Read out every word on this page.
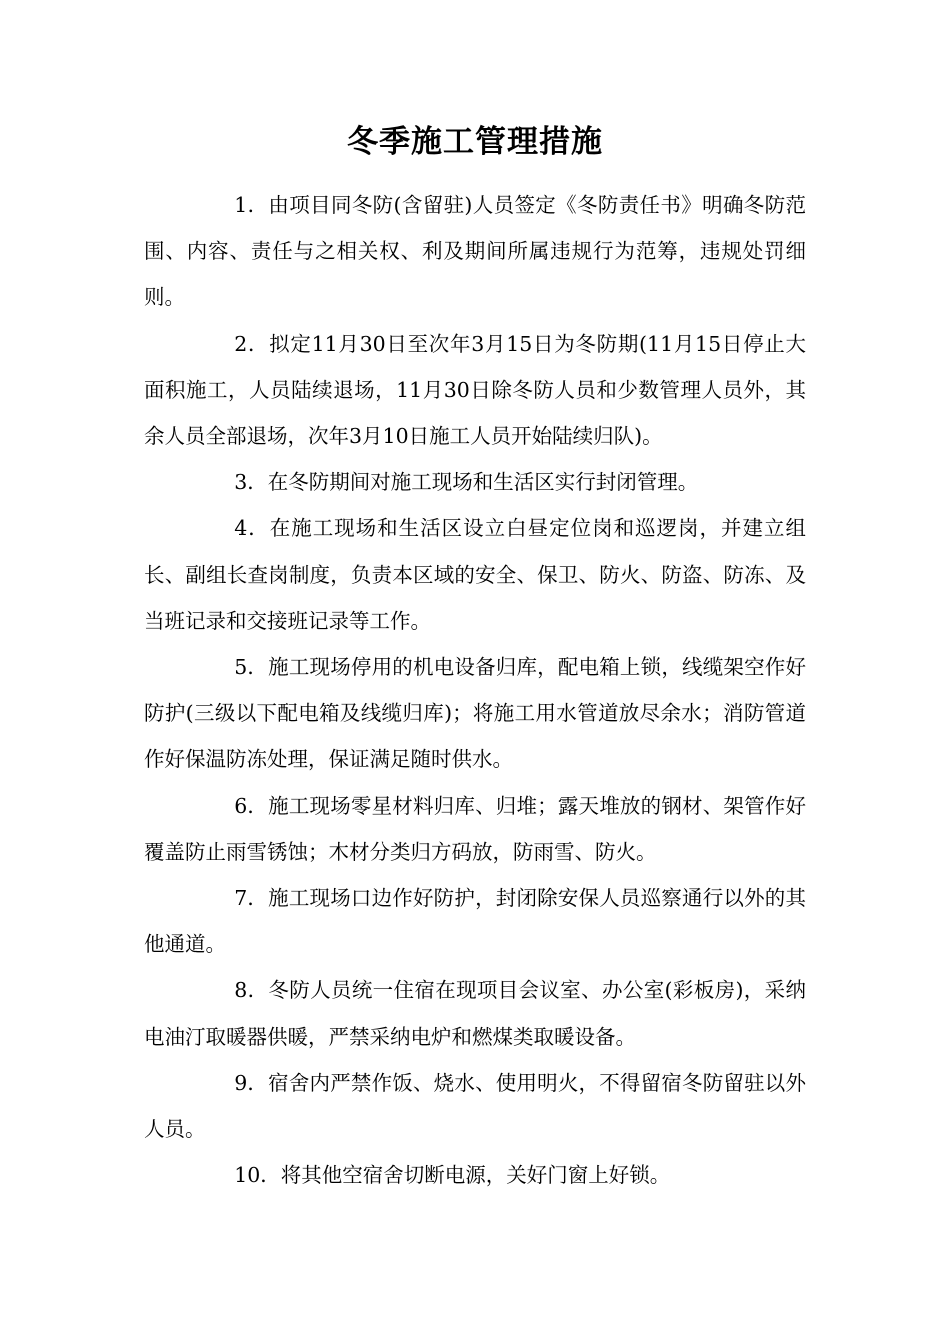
冬季施工管理措施

1．由项目同冬防(含留驻)人员签定《冬防责任书》明确冬防范围、内容、责任与之相关权、利及期间所属违规行为范筹，违规处罚细则。

2．拟定11月30日至次年3月15日为冬防期(11月15日停止大面积施工，人员陆续退场，11月30日除冬防人员和少数管理人员外，其余人员全部退场，次年3月10日施工人员开始陆续归队)。

3．在冬防期间对施工现场和生活区实行封闭管理。

4．在施工现场和生活区设立白昼定位岗和巡逻岗，并建立组长、副组长查岗制度，负责本区域的安全、保卫、防火、防盗、防冻、及当班记录和交接班记录等工作。

5．施工现场停用的机电设备归库，配电箱上锁，线缆架空作好防护(三级以下配电箱及线缆归库)；将施工用水管道放尽余水；消防管道作好保温防冻处理，保证满足随时供水。

6．施工现场零星材料归库、归堆；露天堆放的钢材、架管作好覆盖防止雨雪锈蚀；木材分类归方码放，防雨雪、防火。

7．施工现场口边作好防护，封闭除安保人员巡察通行以外的其他通道。

8．冬防人员统一住宿在现项目会议室、办公室(彩板房)，采纳电油汀取暖器供暖，严禁采纳电炉和燃煤类取暖设备。

9．宿舍内严禁作饭、烧水、使用明火，不得留宿冬防留驻以外人员。

10．将其他空宿舍切断电源，关好门窗上好锁。
